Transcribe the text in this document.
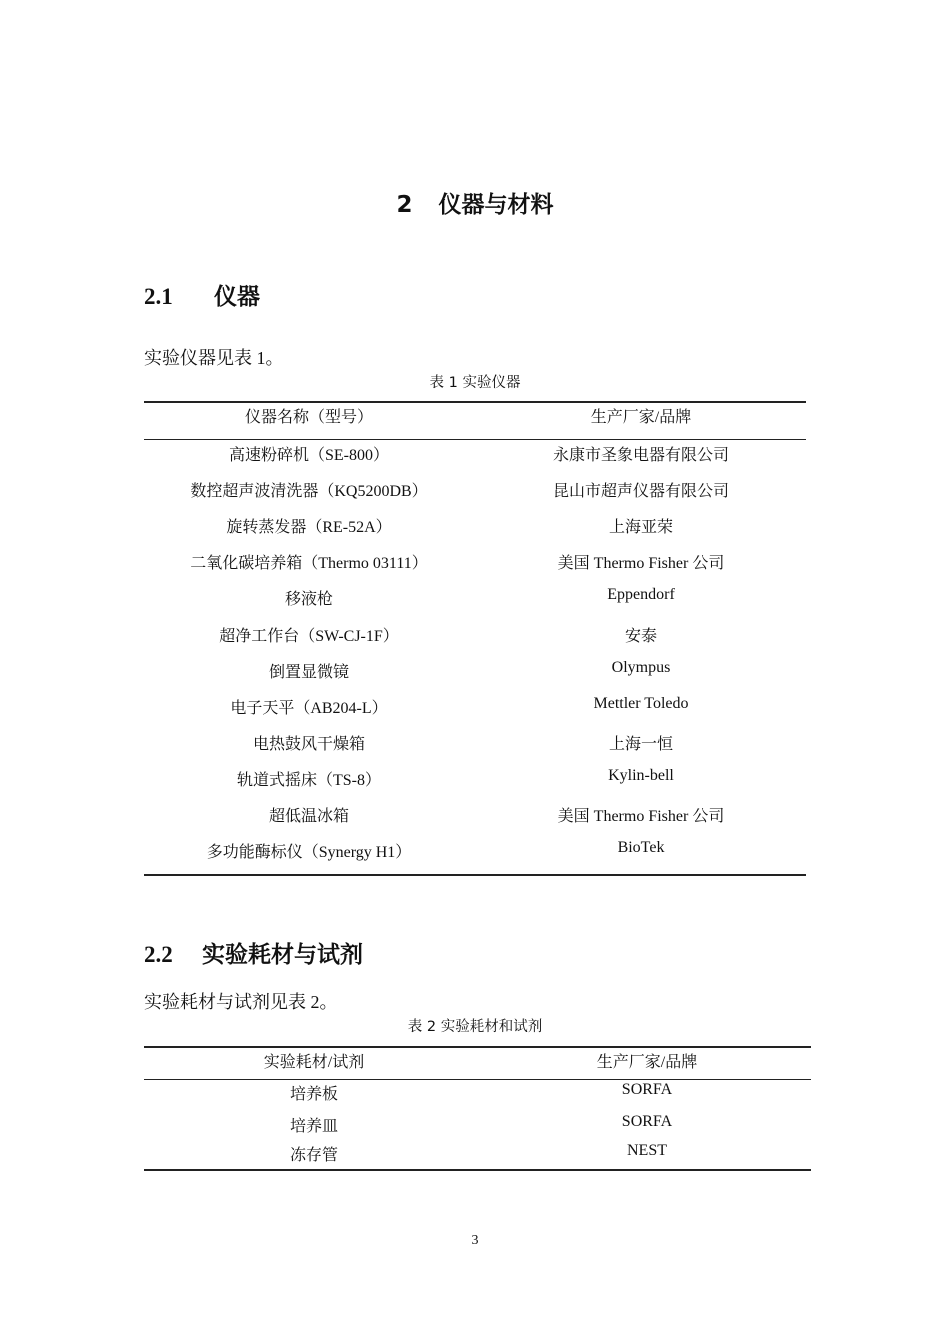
2 仪器与材料
2.1 仪器
实验仪器见表 1。
表 1 实验仪器
仪器名称（型号）	生产厂家/品牌
高速粉碎机（SE-800）	永康市圣象电器有限公司
数控超声波清洗器（KQ5200DB）	昆山市超声仪器有限公司
旋转蒸发器（RE-52A）	上海亚荣
二氧化碳培养箱（Thermo 03111）	美国 Thermo Fisher 公司
移液枪	Eppendorf
超净工作台（SW-CJ-1F）	安泰
倒置显微镜	Olympus
电子天平（AB204-L）	Mettler Toledo
电热鼓风干燥箱	上海一恒
轨道式摇床（TS-8）	Kylin-bell
超低温冰箱	美国 Thermo Fisher 公司
多功能酶标仪（Synergy H1）	BioTek
2.2 实验耗材与试剂
实验耗材与试剂见表 2。
表 2 实验耗材和试剂
实验耗材/试剂	生产厂家/品牌
培养板	SORFA
培养皿	SORFA
冻存管	NEST
3
